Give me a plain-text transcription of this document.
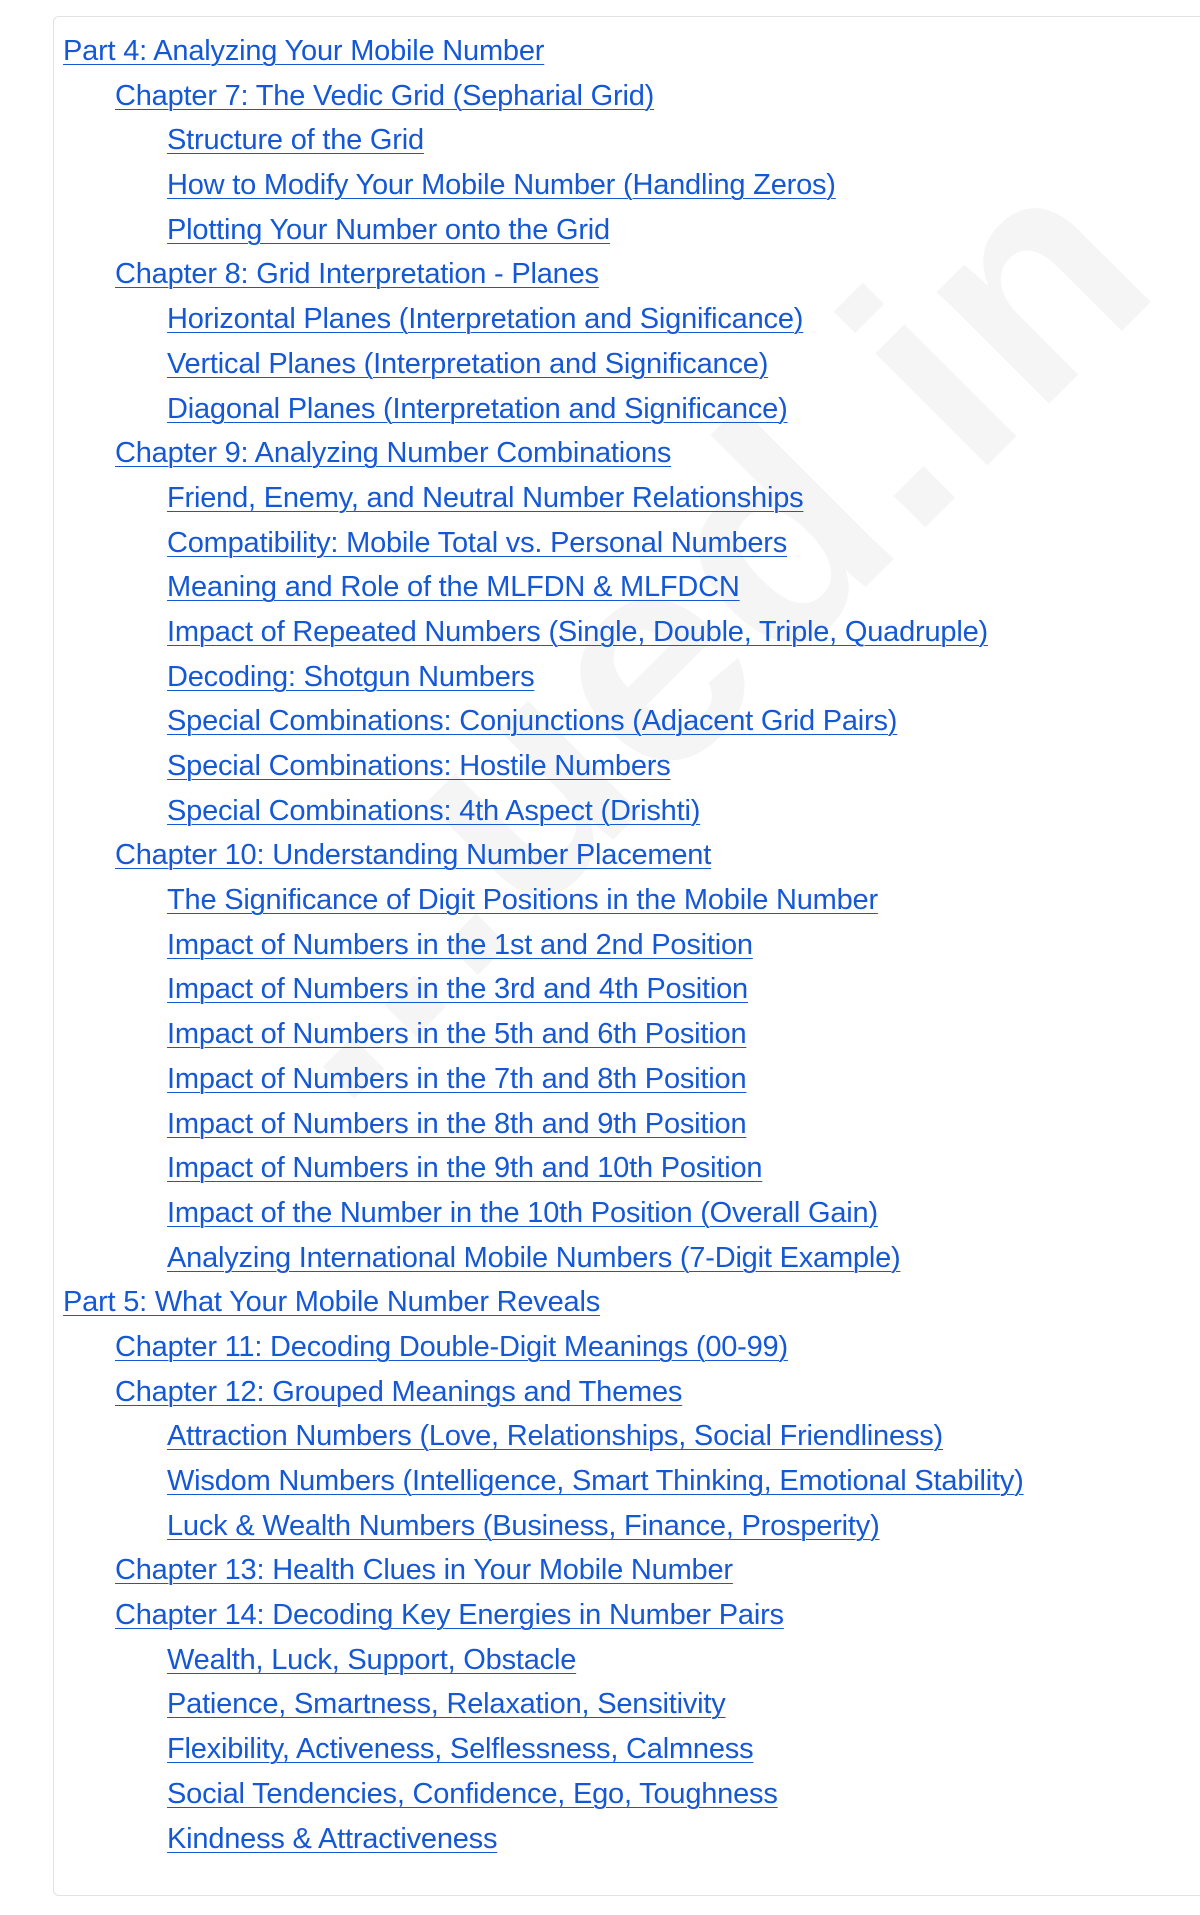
Part 4: Analyzing Your Mobile Number
Chapter 7: The Vedic Grid (Sepharial Grid)
Structure of the Grid
How to Modify Your Mobile Number (Handling Zeros)
Plotting Your Number onto the Grid
Chapter 8: Grid Interpretation - Planes
Horizontal Planes (Interpretation and Significance)
Vertical Planes (Interpretation and Significance)
Diagonal Planes (Interpretation and Significance)
Chapter 9: Analyzing Number Combinations
Friend, Enemy, and Neutral Number Relationships
Compatibility: Mobile Total vs. Personal Numbers
Meaning and Role of the MLFDN & MLFDCN
Impact of Repeated Numbers (Single, Double, Triple, Quadruple)
Decoding: Shotgun Numbers
Special Combinations: Conjunctions (Adjacent Grid Pairs)
Special Combinations: Hostile Numbers
Special Combinations: 4th Aspect (Drishti)
Chapter 10: Understanding Number Placement
The Significance of Digit Positions in the Mobile Number
Impact of Numbers in the 1st and 2nd Position
Impact of Numbers in the 3rd and 4th Position
Impact of Numbers in the 5th and 6th Position
Impact of Numbers in the 7th and 8th Position
Impact of Numbers in the 8th and 9th Position
Impact of Numbers in the 9th and 10th Position
Impact of the Number in the 10th Position (Overall Gain)
Analyzing International Mobile Numbers (7-Digit Example)
Part 5: What Your Mobile Number Reveals
Chapter 11: Decoding Double-Digit Meanings (00-99)
Chapter 12: Grouped Meanings and Themes
Attraction Numbers (Love, Relationships, Social Friendliness)
Wisdom Numbers (Intelligence, Smart Thinking, Emotional Stability)
Luck & Wealth Numbers (Business, Finance, Prosperity)
Chapter 13: Health Clues in Your Mobile Number
Chapter 14: Decoding Key Energies in Number Pairs
Wealth, Luck, Support, Obstacle
Patience, Smartness, Relaxation, Sensitivity
Flexibility, Activeness, Selflessness, Calmness
Social Tendencies, Confidence, Ego, Toughness
Kindness & Attractiveness
